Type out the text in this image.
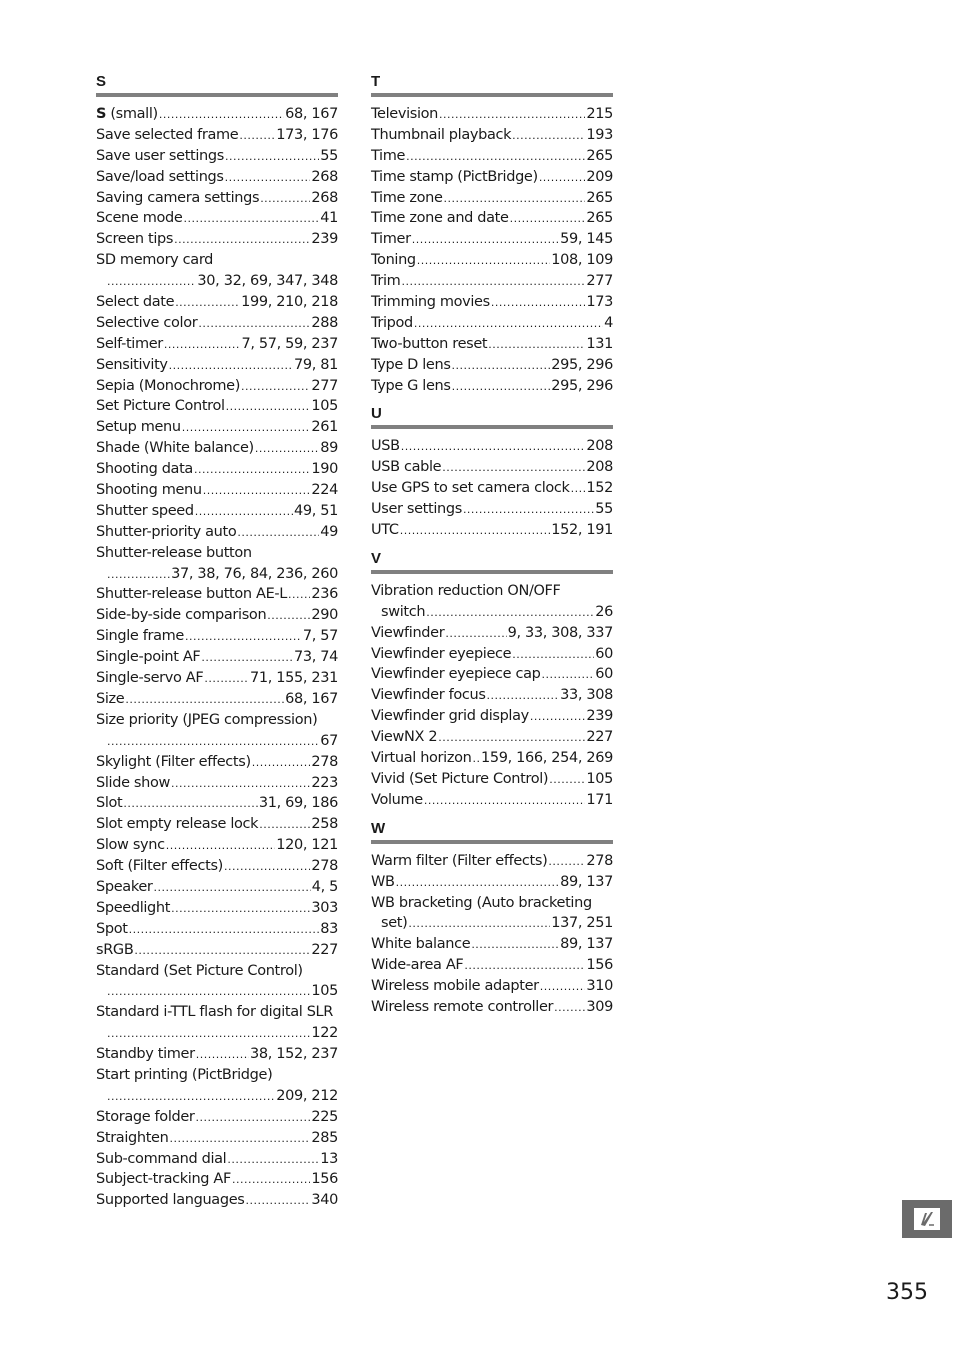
S
S (small) .....	68, 167
Save selected frame .....	173, 176
Save user settings .....	55
Save/load settings .....	268
Saving camera settings .....	268
Scene mode .....	41
Screen tips .....	239
SD memory card
.....
30, 32, 69, 347, 348
Select date .....	199, 210, 218
Selective color .....	288
Self-timer .....	7, 57, 59, 237
Sensitivity .....	79, 81
Sepia (Monochrome) .....	277
Set Picture Control .....	105
Setup menu .....	261
Shade (White balance) .....	89
Shooting data .....	190
Shooting menu .....	224
Shutter speed .....	49, 51
Shutter-priority auto .....	49
Shutter-release button
.....
37, 38, 76, 84, 236, 260
Shutter-release button AE-L ..... 236
Side-by-side comparison .....	290
Single frame .....	7, 57
Single-point AF .....	73, 74
Single-servo AF .....	71, 155, 231
Size .....	68, 167
Size priority (JPEG compression)
.....
67
Skylight (Filter effects) .....	278
Slide show .....	223
Slot .....	31, 69, 186
Slot empty release lock .....	258
Slow sync .....	120, 121
Soft (Filter effects) .....	278
Speaker .....	4, 5
Speedlight .....	303
Spot .....	83
sRGB .....	227
Standard (Set Picture Control)
.....
105
Standard i-TTL flash for digital SLR
.....
122
Standby timer .....	38, 152, 237
Start printing (PictBridge)
.....
209, 212
Storage folder .....	225
Straighten .....	285
Sub-command dial .....	13
Subject-tracking AF .....	156
Supported languages .....	340
T
Television .....	215
Thumbnail playback .....	193
Time .....	265
Time stamp (PictBridge) .....	209
Time zone .....	265
Time zone and date .....	265
Timer .....	59, 145
Toning .....	108, 109
Trim .....	277
Trimming movies .....	173
Tripod .....	4
Two-button reset .....	131
Type D lens .....	295, 296
Type G lens .....	295, 296
U
USB .....	208
USB cable .....	208
Use GPS to set camera clock ..... 152
User settings .....	55
UTC .....	152, 191
V
Vibration reduction ON/OFF
switch .....	26
Viewfinder .....	9, 33, 308, 337
Viewfinder eyepiece .....	60
Viewfinder eyepiece cap .....	60
Viewfinder focus .....	33, 308
Viewfinder grid display .....	239
ViewNX 2 .....	227
Virtual horizon ..... 159, 166, 254, 269
Vivid (Set Picture Control) .....	105
Volume .....	171
W
Warm filter (Filter effects) .....	278
WB .....	89, 137
WB bracketing (Auto bracketing
set) .....	137, 251
White balance .....	89, 137
Wide-area AF .....	156
Wireless mobile adapter .....	310
Wireless remote controller ..... 309
355
